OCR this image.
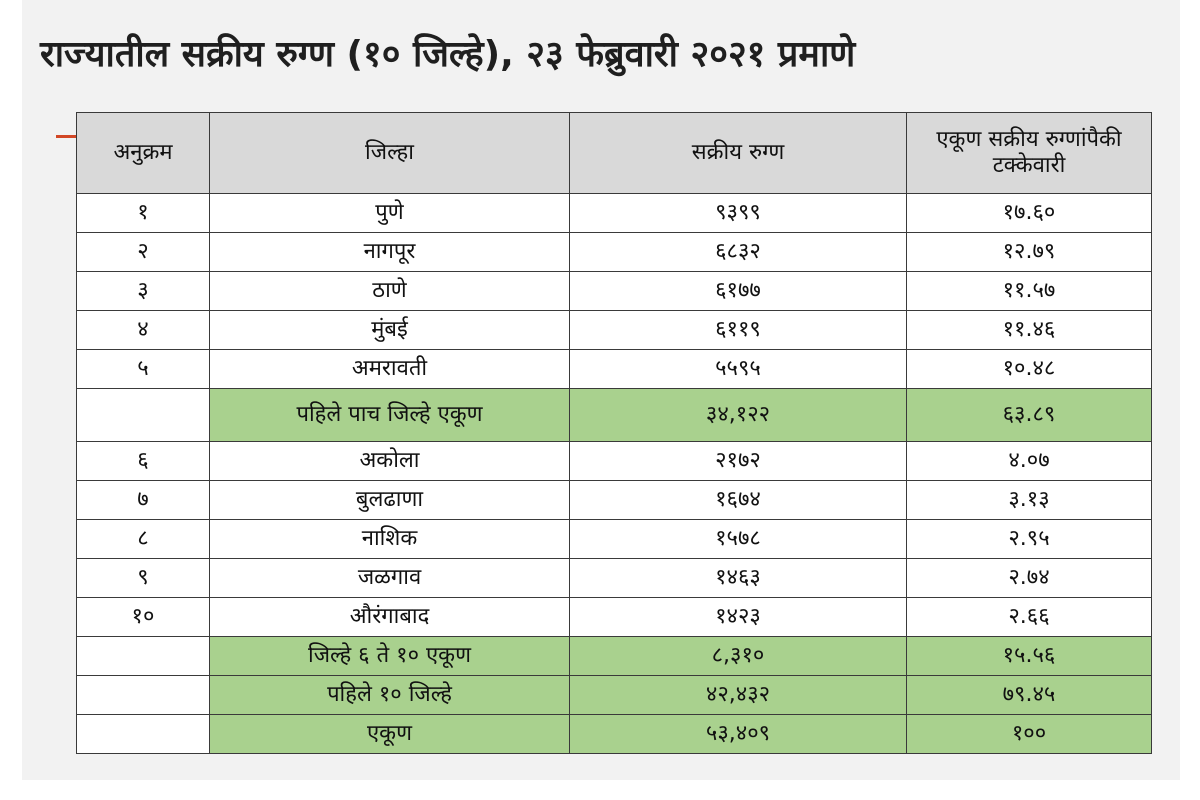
राज्यातील सक्रीय रुग्ण (१० जिल्हे), २३ फेब्रुवारी २०२१ प्रमाणे
अनुक्रम	जिल्हा	सक्रीय रुग्ण	एकूण सक्रीय रुग्णांपैकी टक्केवारी
१	पुणे	९३९९	१७.६०
२	नागपूर	६८३२	१२.७९
३	ठाणे	६१७७	११.५७
४	मुंबई	६११९	११.४६
५	अमरावती	५५९५	१०.४८
	पहिले पाच जिल्हे एकूण	३४,१२२	६३.८९
६	अकोला	२१७२	४.०७
७	बुलढाणा	१६७४	३.१३
८	नाशिक	१५७८	२.९५
९	जळगाव	१४६३	२.७४
१०	औरंगाबाद	१४२३	२.६६
	जिल्हे ६ ते १० एकूण	८,३१०	१५.५६
	पहिले १० जिल्हे	४२,४३२	७९.४५
	एकूण	५३,४०९	१००
